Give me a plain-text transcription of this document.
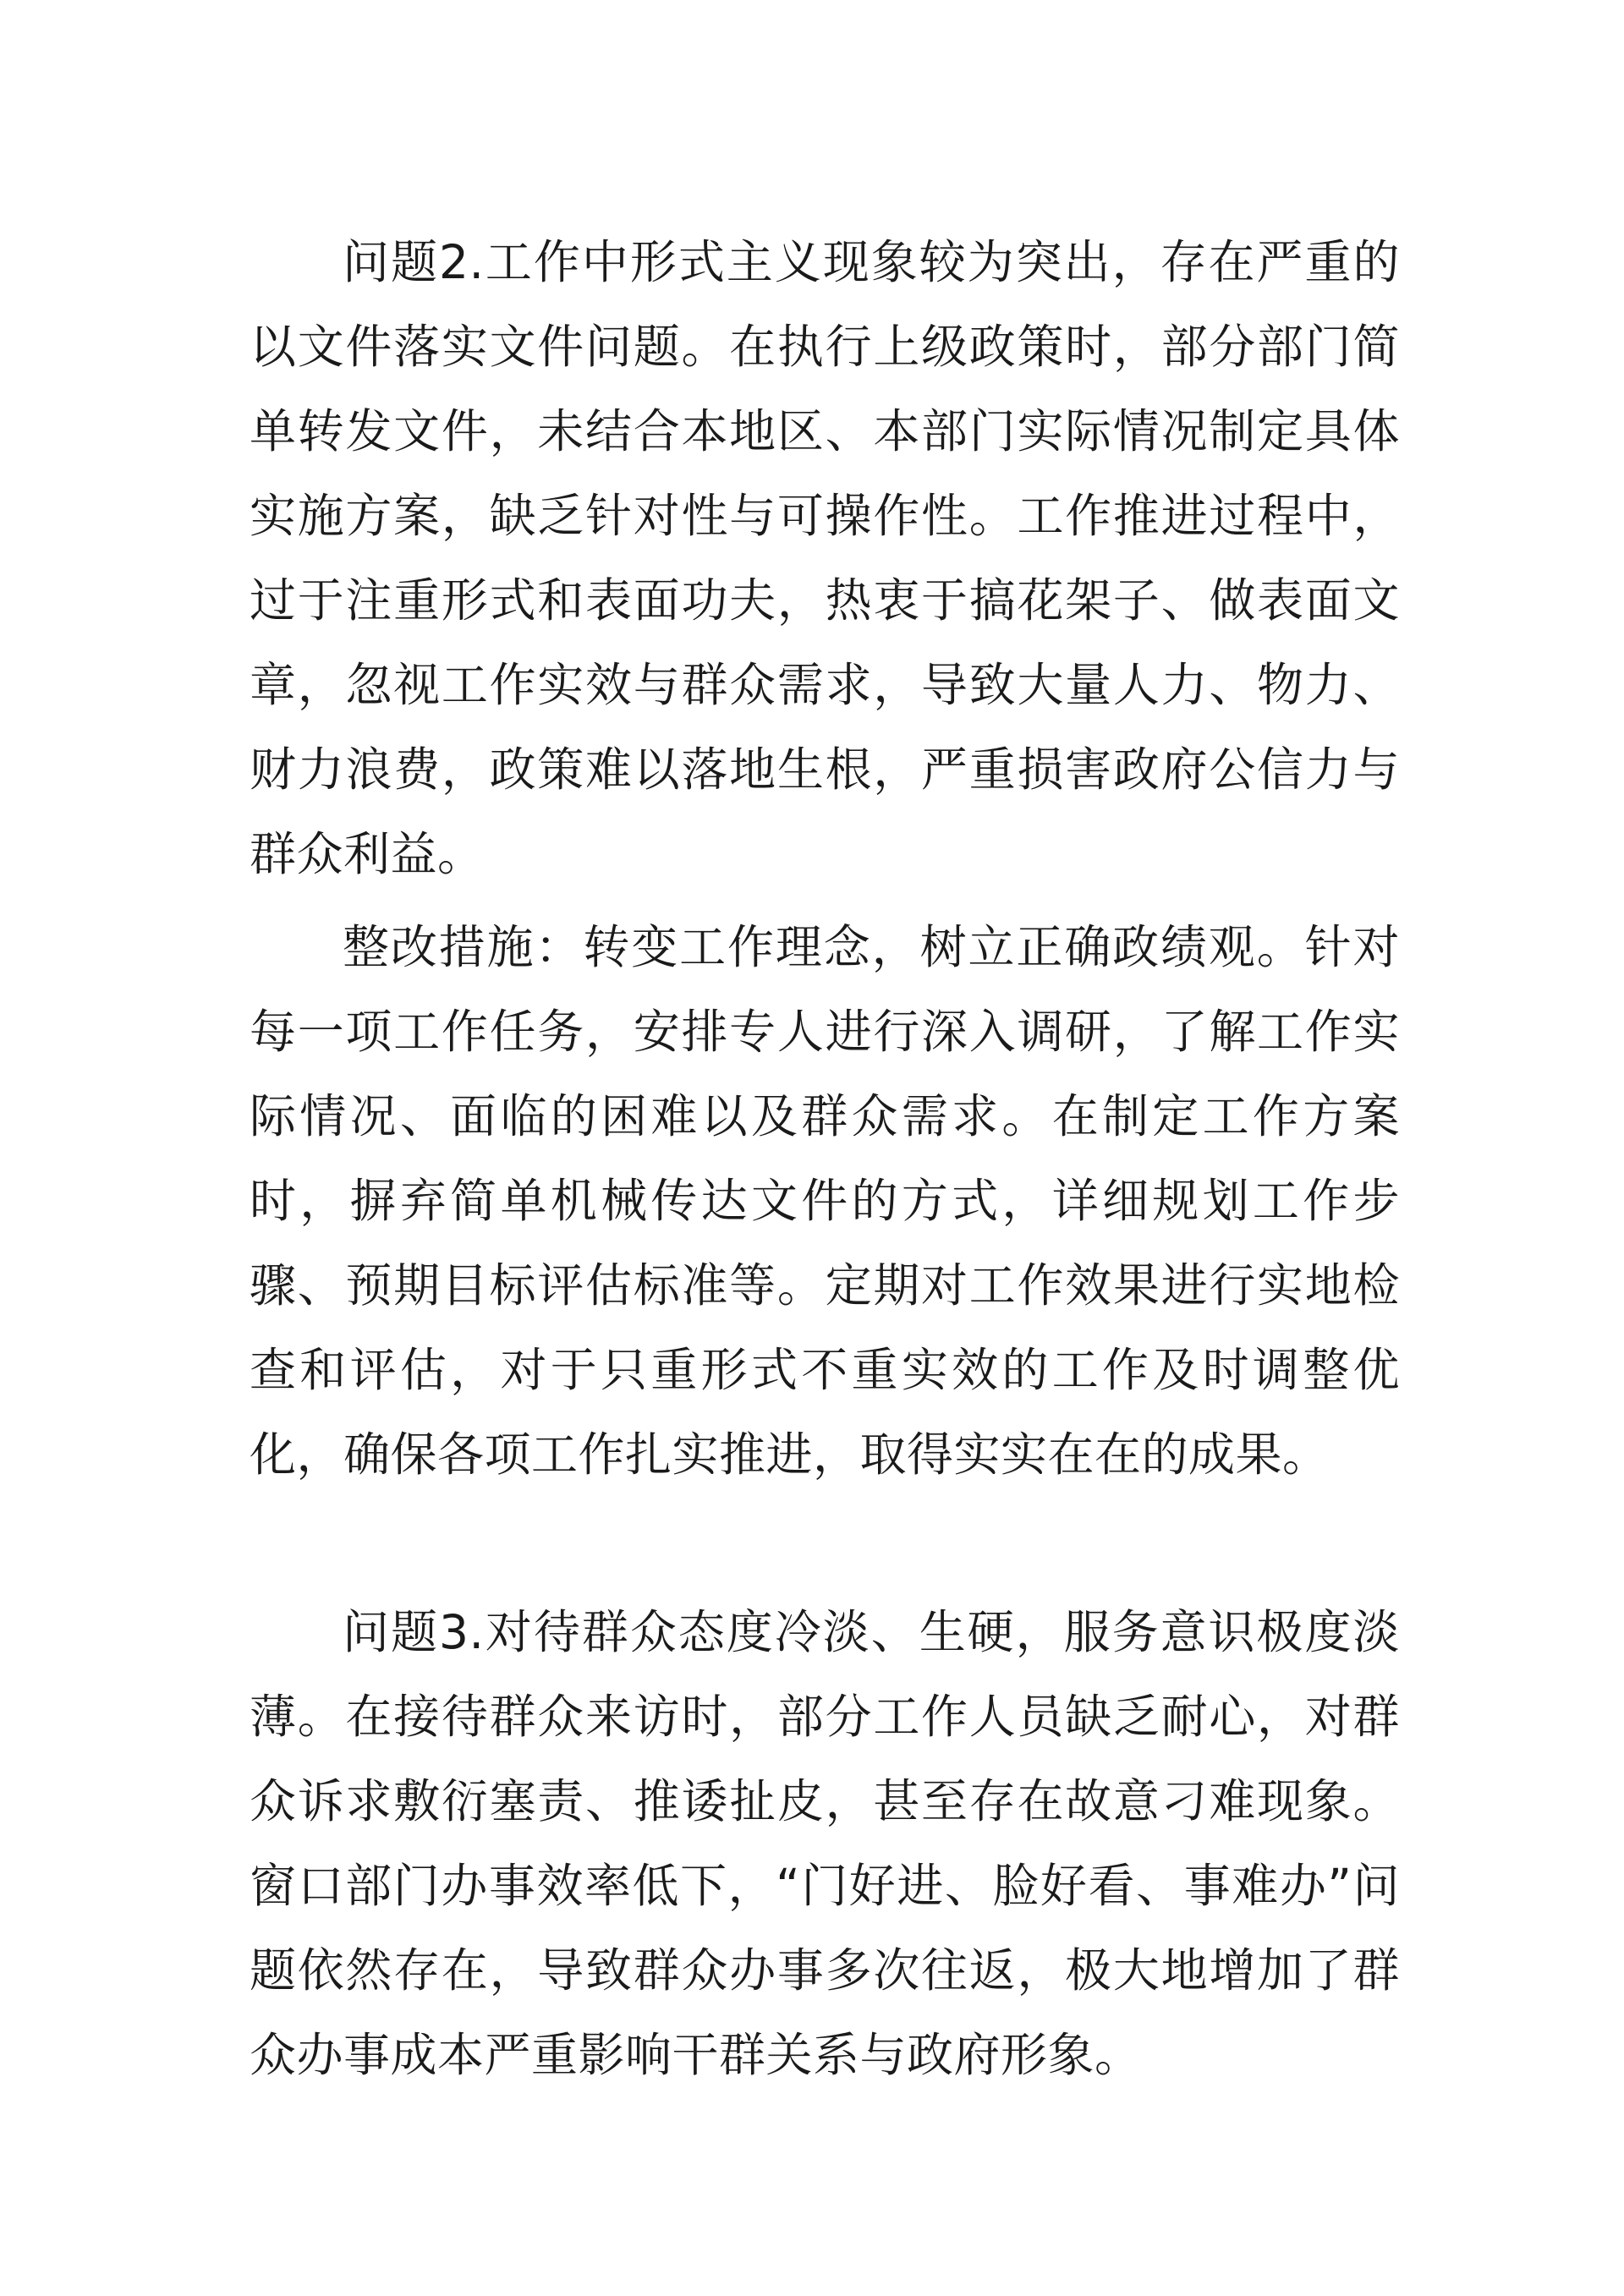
问题2.工作中形式主义现象较为突出，存在严重的以文件落实文件问题。在执行上级政策时，部分部门简单转发文件，未结合本地区、本部门实际情况制定具体实施方案，缺乏针对性与可操作性。工作推进过程中，过于注重形式和表面功夫，热衷于搞花架子、做表面文章，忽视工作实效与群众需求，导致大量人力、物力、财力浪费，政策难以落地生根，严重损害政府公信力与群众利益。

整改措施：转变工作理念，树立正确政绩观。针对每一项工作任务，安排专人进行深入调研，了解工作实际情况、面临的困难以及群众需求。在制定工作方案时，摒弃简单机械传达文件的方式，详细规划工作步骤、预期目标评估标准等。定期对工作效果进行实地检查和评估，对于只重形式不重实效的工作及时调整优化，确保各项工作扎实推进，取得实实在在的成果。

问题3.对待群众态度冷淡、生硬，服务意识极度淡薄。在接待群众来访时，部分工作人员缺乏耐心，对群众诉求敷衍塞责、推诿扯皮，甚至存在故意刁难现象。窗口部门办事效率低下，“门好进、脸好看、事难办”问题依然存在，导致群众办事多次往返，极大地增加了群众办事成本严重影响干群关系与政府形象。
